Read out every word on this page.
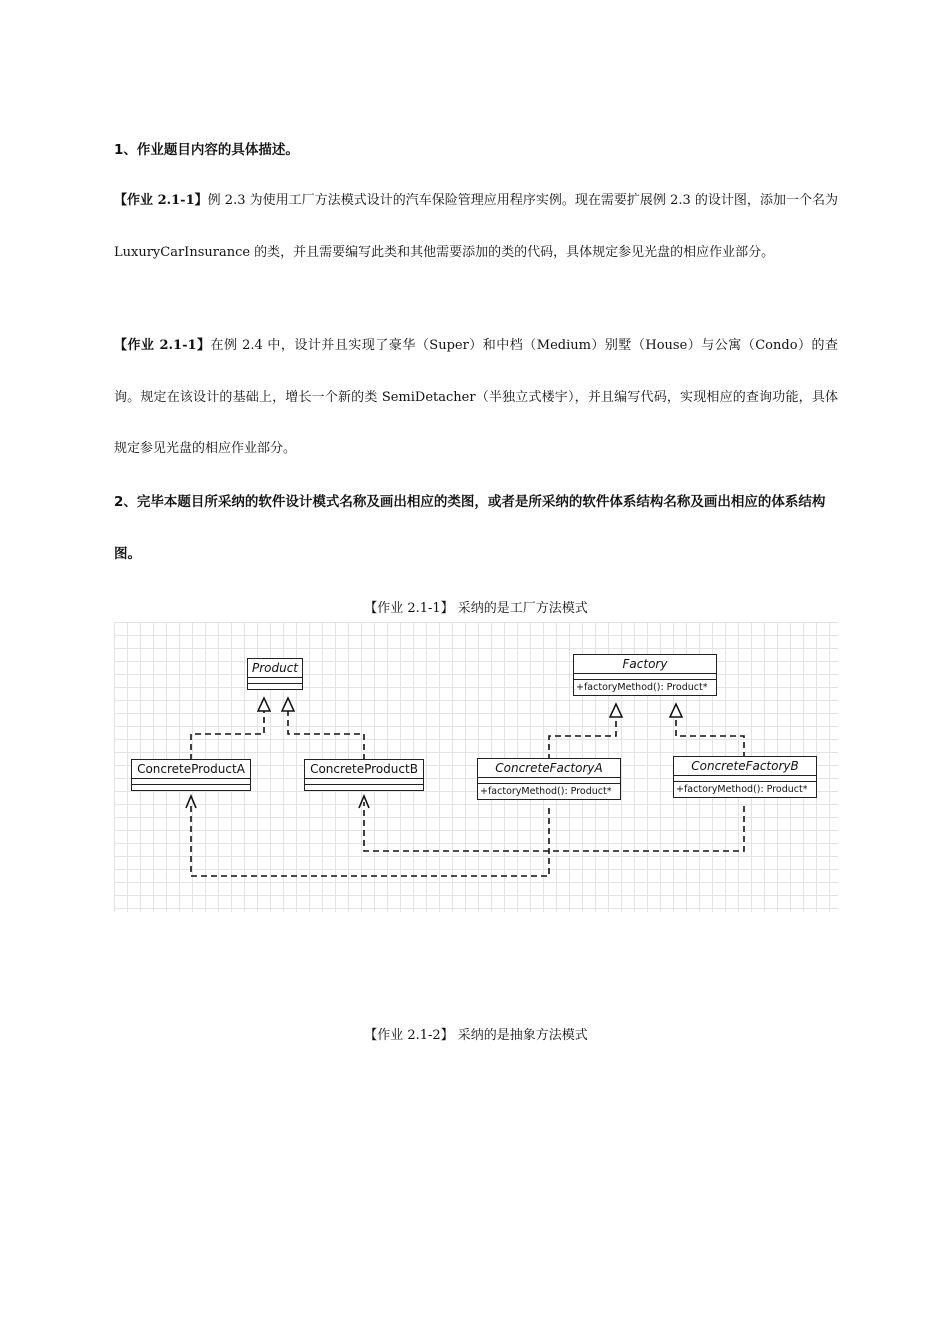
1、作业题目内容的具体描述。
【作业 2.1-1】例 2.3 为使用工厂方法模式设计的汽车保险管理应用程序实例。现在需要扩展例 2.3 的设计图，添加一个名为 LuxuryCarInsurance 的类，并且需要编写此类和其他需要添加的类的代码，具体规定参见光盘的相应作业部分。
【作业 2.1-1】在例 2.4 中，设计并且实现了豪华（Super）和中档（Medium）别墅（House）与公寓（Condo）的查询。规定在该设计的基础上，增长一个新的类 SemiDetacher（半独立式楼宇），并且编写代码，实现相应的查询功能，具体规定参见光盘的相应作业部分。
2、完毕本题目所采纳的软件设计模式名称及画出相应的类图，或者是所采纳的软件体系结构名称及画出相应的体系结构图。
【作业 2.1-1】 采纳的是工厂方法模式
Product	Factory
+factoryMethod(): Product*
ConcreteProductA	ConcreteProductB	ConcreteFactoryA
+factoryMethod(): Product*
ConcreteFactoryB
+factoryMethod(): Product*
【作业 2.1-2】 采纳的是抽象方法模式
